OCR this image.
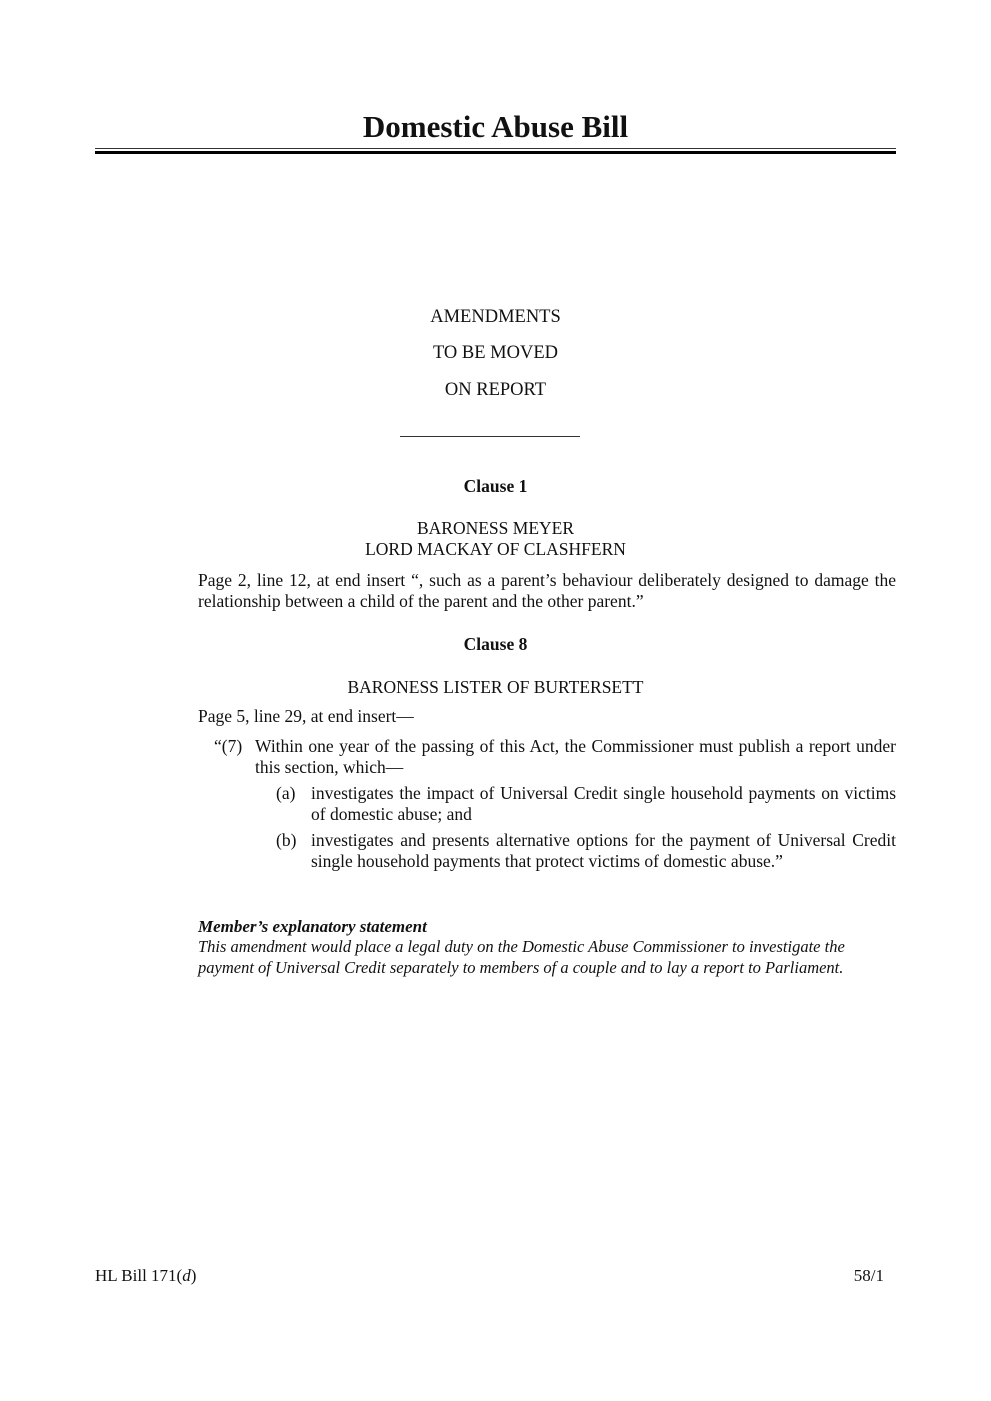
Domestic Abuse Bill
AMENDMENTS
TO BE MOVED
ON REPORT
Clause 1
BARONESS MEYER
LORD MACKAY OF CLASHFERN
Page 2, line 12, at end insert “, such as a parent’s behaviour deliberately designed to damage the relationship between a child of the parent and the other parent.”
Clause 8
BARONESS LISTER OF BURTERSETT
Page 5, line 29, at end insert—
“(7) Within one year of the passing of this Act, the Commissioner must publish a report under this section, which—
(a) investigates the impact of Universal Credit single household payments on victims of domestic abuse; and
(b) investigates and presents alternative options for the payment of Universal Credit single household payments that protect victims of domestic abuse.”
Member’s explanatory statement
This amendment would place a legal duty on the Domestic Abuse Commissioner to investigate the payment of Universal Credit separately to members of a couple and to lay a report to Parliament.
HL Bill 171(d)	58/1
